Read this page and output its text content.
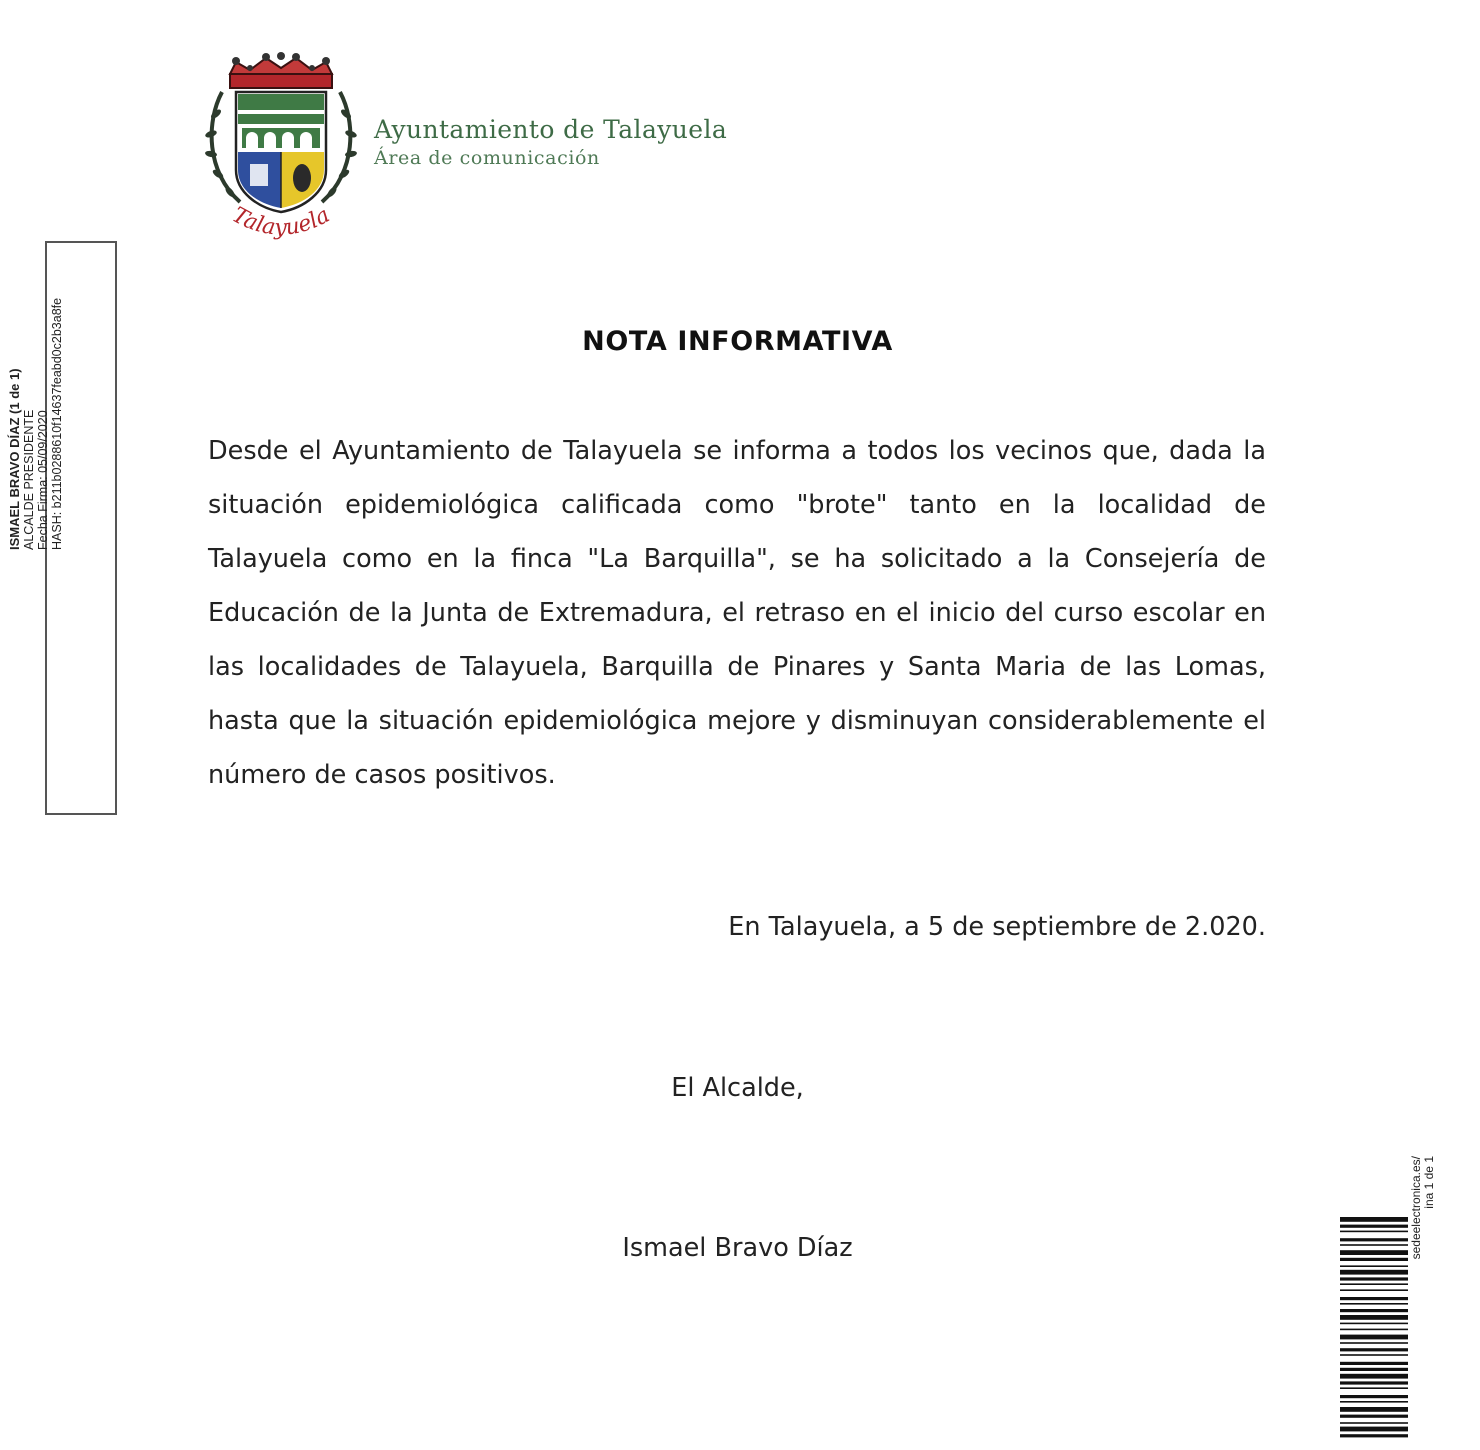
Talayuela
Ayuntamiento de Talayuela
Área de comunicación
ISMAEL BRAVO DÍAZ (1 de 1) ALCALDE PRESIDENTE Fecha Firma: 05/09/2020 HASH: b211b0288610f14637feabd0c2b3a8fe	NOTA INFORMATIVA
Desde el Ayuntamiento de Talayuela se informa a todos los vecinos que, dada la situación epidemiológica calificada como "brote" tanto en la localidad de Talayuela como en la finca "La Barquilla", se ha solicitado a la Consejería de Educación de la Junta de Extremadura, el retraso en el inicio del curso escolar en las localidades de Talayuela, Barquilla de Pinares y Santa Maria de las Lomas, hasta que la situación epidemiológica mejore y disminuyan considerablemente el número de casos positivos.
En Talayuela, a 5 de septiembre de 2.020.
El Alcalde,
Ismael Bravo Díaz	sedeelectronica.es/ ina 1 de 1
